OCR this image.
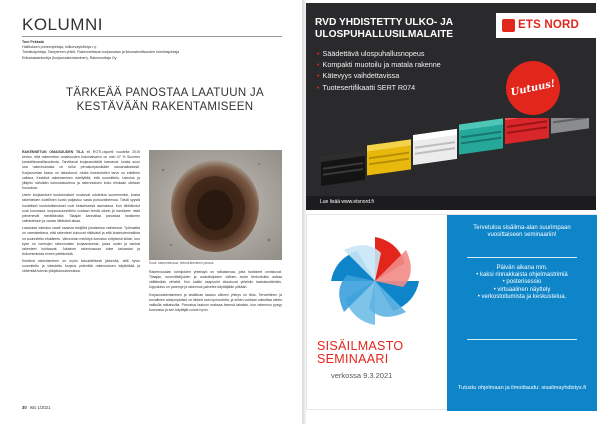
KOLUMNI
Toni Pekkala
Hallituksen puheenjohtaja, Isiikorvayhdistys r.y.
Toimitusjohtaja, Tampereen yhtiöt, Rakennettavan korjausalan ja ikkunateollisuuden toimitusjohtaja
Erikoisasiantuntija (korjausrakentaminen), Rakennuttaja Oy
TÄRKEÄÄ PANOSTAA LAATUUN JA KESTÄVÄÄN RAKENTAMISEEN

RAKENNETUN OMAISUUDEN TILA eli ROTI-raportti vuodelta 2019 kertoo, että rakennetun omaisuuden kokonaisarvo on noin 47 % Suomen kansallisvarallisuudesta. Tarvittavat korjausmäärät kasvavat, koska suuri osa rakennuksista on tullut peruskorjausikään samanaikaisesti. Korjausvelan kasvu on hidastunut, mutta investointien tarve on edelleen valtava. Kestävä rakentaminen edellyttää, että suunnittelu, toteutus ja ylläpito nähdään kokonaisuutena ja rakennuksen koko elinkaari otetaan huomioon.

Usein korjaamisen kustannukset nousevat odotettua suuremmiksi, koska rakenteiden todellinen kunto paljastuu vasta purkuvaiheessa. Tästä syystä huolelliset kuntotutkimukset ovat keskeisessä asemassa. Kun lähtötiedot ovat kunnossa, korjaussuunnittelu voidaan tehdä oikein ja hankkeen riskit pienenevät merkittävästi. Tilaajan kannattaa panostaa hankkeen valmisteluun ja varata riittävästi aikaa.

Laadukas toteutus vaatii osaavia tekijöitä jokaisessa vaiheessa. Työmaalla on varmistettava, että rakenteet kuivuvat riittävästi ja että kosteudenhallinta on suunniteltu etukäteen. Valvonnan merkitys korostuu erityisesti silloin, kun kyse on vanhojen rakennusten korjaamisesta, jossa uudet ja vanhat rakenteet kohtaavat. Jokainen rakennusosa tulee tarkastaa ja dokumentoida ennen peittämistä.

Kestävä rakentaminen on myös taloudellisesti järkevää, sillä hyvin suunniteltu ja toteutettu korjaus pidentää rakennuksen käyttöikää ja vähentää tulevia ylläpitokustannuksia.

Kuva: rakenneavaus, betonirakenteen poraus.

Rakennusalan toimijoiden yhteistyö on ratkaisevaa, jotta hankkeet onnistuvat. Tilaajan, suunnittelijoiden ja urakoitsijoiden välinen avoin tiedonkulku auttaa välttämään virheitä. Kun kaikki osapuolet sitoutuvat yhteisiin laatutavoitteisiin, lopputulos on parempi ja rakennus palvelee käyttäjiään pitkään.

Korjausrakentamisen ja sisäilman laadun välinen yhteys on tiivis. Terveellinen ja turvallinen sisäympäristö on tärkeä osa hyvinvointia, ja siihen voidaan vaikuttaa oikein valituilla ratkaisuilla. Panostus laatuun maksaa itsensä takaisin, kun rakennus pysyy kunnossa ja sen käyttäjät voivat hyvin.

30 Isto 1/2021
RVD YHDISTETTY ULKO- JA ULOSPUHALLUSILMALAITE
ETS NORD
• Säädettävä ulospuhallusnopeus
• Kompakti muotoilu ja matala rakenne
• Kätevyys vaihdettavissa
• Tuotesertifikaatti SERT R074	Uutuus!
Lue lisää www.etsnord.fi
SISÄILMASTO
SEMINAARI
verkossa 9.3.2021
Tervetuloa sisäilma-alan suurimpaan vuosittaiseen seminaariin!
Päivän aikana mm.
• kaksi rinnakkaista ohjelmastrimiä
• posterisessio
• virtuaalinen näyttely
• verkostoitumista ja keskustelua.
Tutustu ohjelmaan ja ilmoittaudu: sisailmayhdistys.fi
